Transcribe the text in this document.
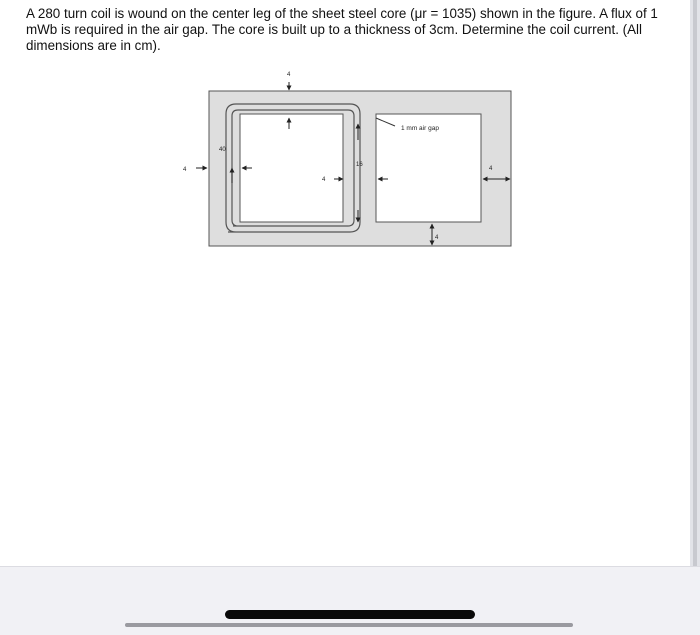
A 280 turn coil is wound on the center leg of the sheet steel core (μr = 1035) shown in the figure. A flux of 1 mWb is required in the air gap. The core is built up to a thickness of 3cm. Determine the coil current. (All dimensions are in cm).

4
4
40
4
16
4
4
1 mm air gap
